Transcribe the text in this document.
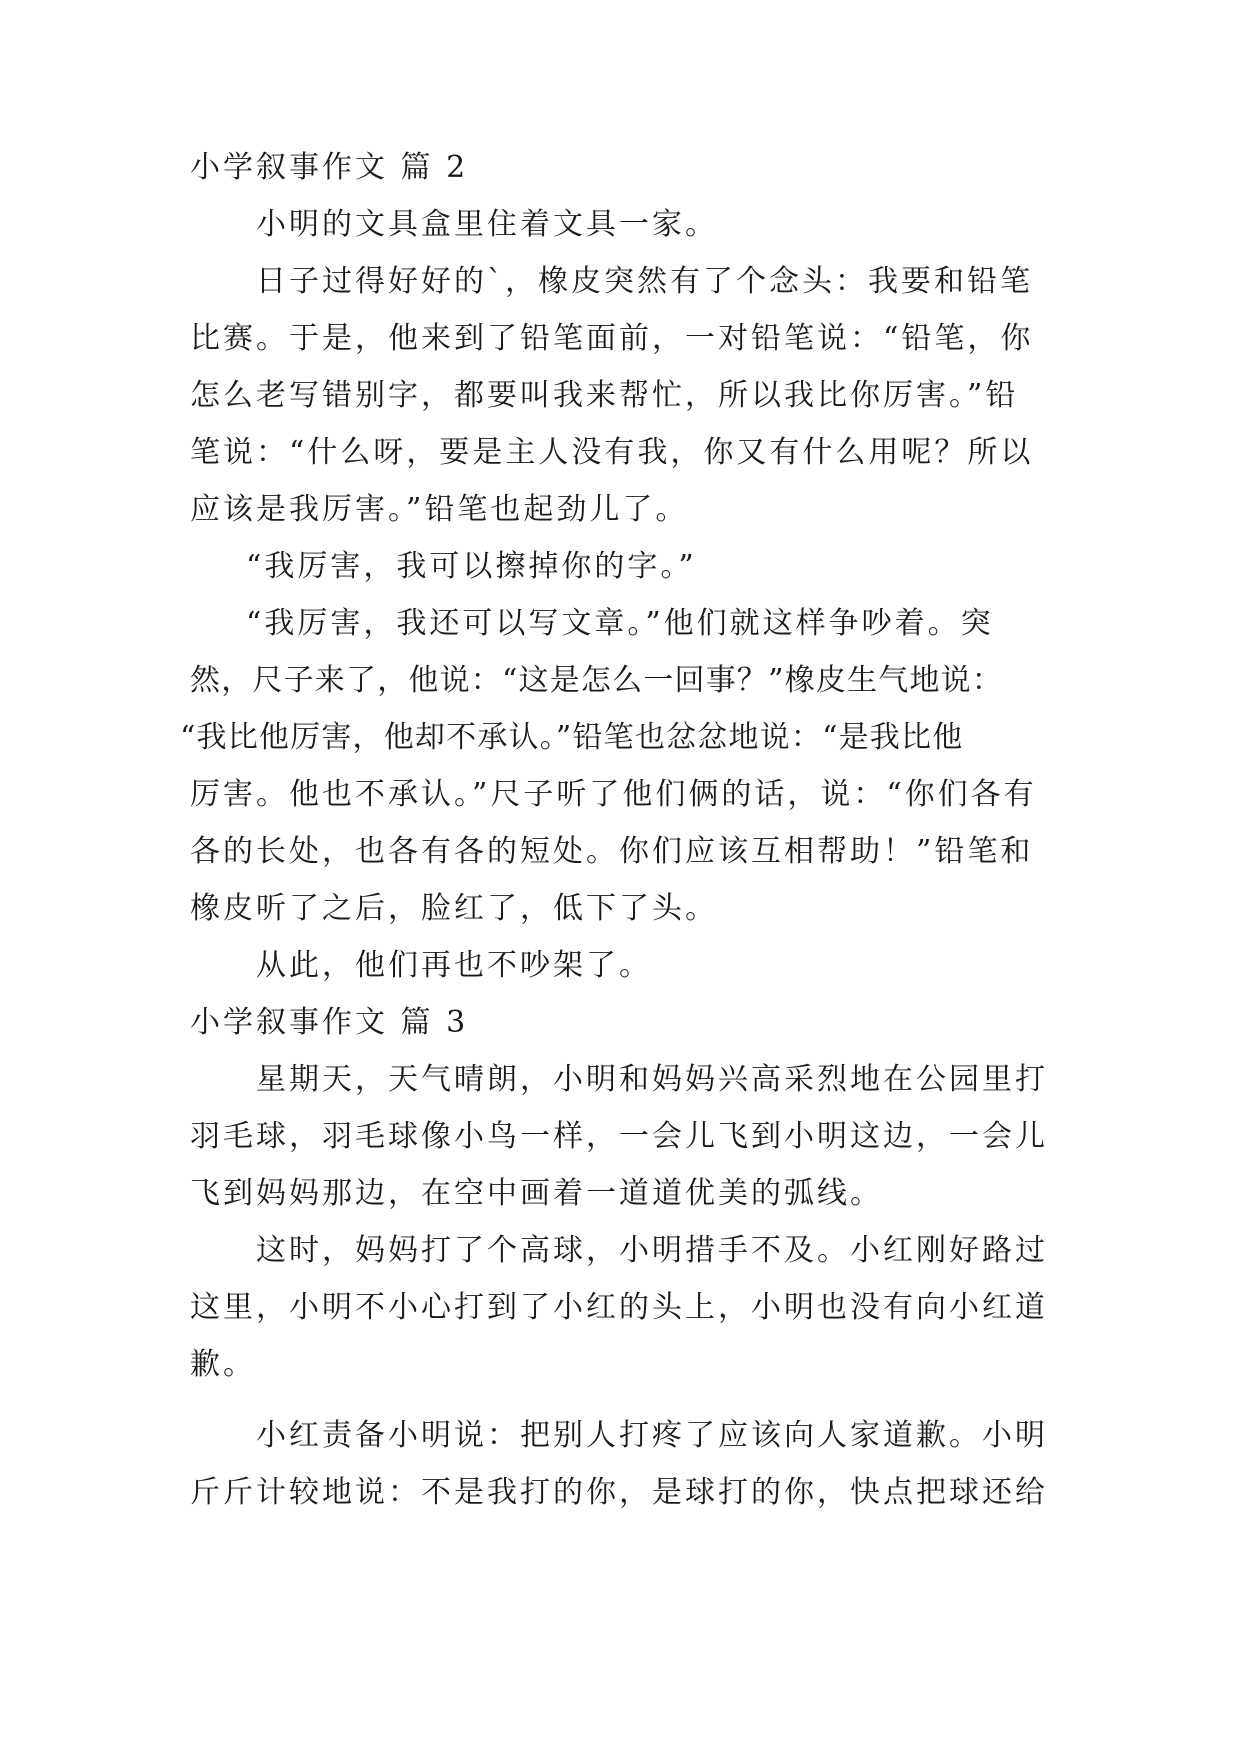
小学叙事作文 篇 2

小明的文具盒里住着文具一家。

日子过得好好的`，橡皮突然有了个念头：我要和铅笔

比赛。于是，他来到了铅笔面前，一对铅笔说：“铅笔，你

怎么老写错别字，都要叫我来帮忙，所以我比你厉害。”铅

笔说：“什么呀，要是主人没有我，你又有什么用呢？所以

应该是我厉害。”铅笔也起劲儿了。

“我厉害，我可以擦掉你的字。”

“我厉害，我还可以写文章。”他们就这样争吵着。突

然，尺子来了，他说：“这是怎么一回事？”橡皮生气地说：

“我比他厉害，他却不承认。”铅笔也忿忿地说：“是我比他

厉害。他也不承认。”尺子听了他们俩的话，说：“你们各有

各的长处，也各有各的短处。你们应该互相帮助！”铅笔和

橡皮听了之后，脸红了，低下了头。

从此，他们再也不吵架了。

小学叙事作文 篇 3

星期天，天气晴朗，小明和妈妈兴高采烈地在公园里打

羽毛球，羽毛球像小鸟一样，一会儿飞到小明这边，一会儿

飞到妈妈那边，在空中画着一道道优美的弧线。

这时，妈妈打了个高球，小明措手不及。小红刚好路过

这里，小明不小心打到了小红的头上，小明也没有向小红道

歉。

小红责备小明说：把别人打疼了应该向人家道歉。小明

斤斤计较地说：不是我打的你，是球打的你，快点把球还给
